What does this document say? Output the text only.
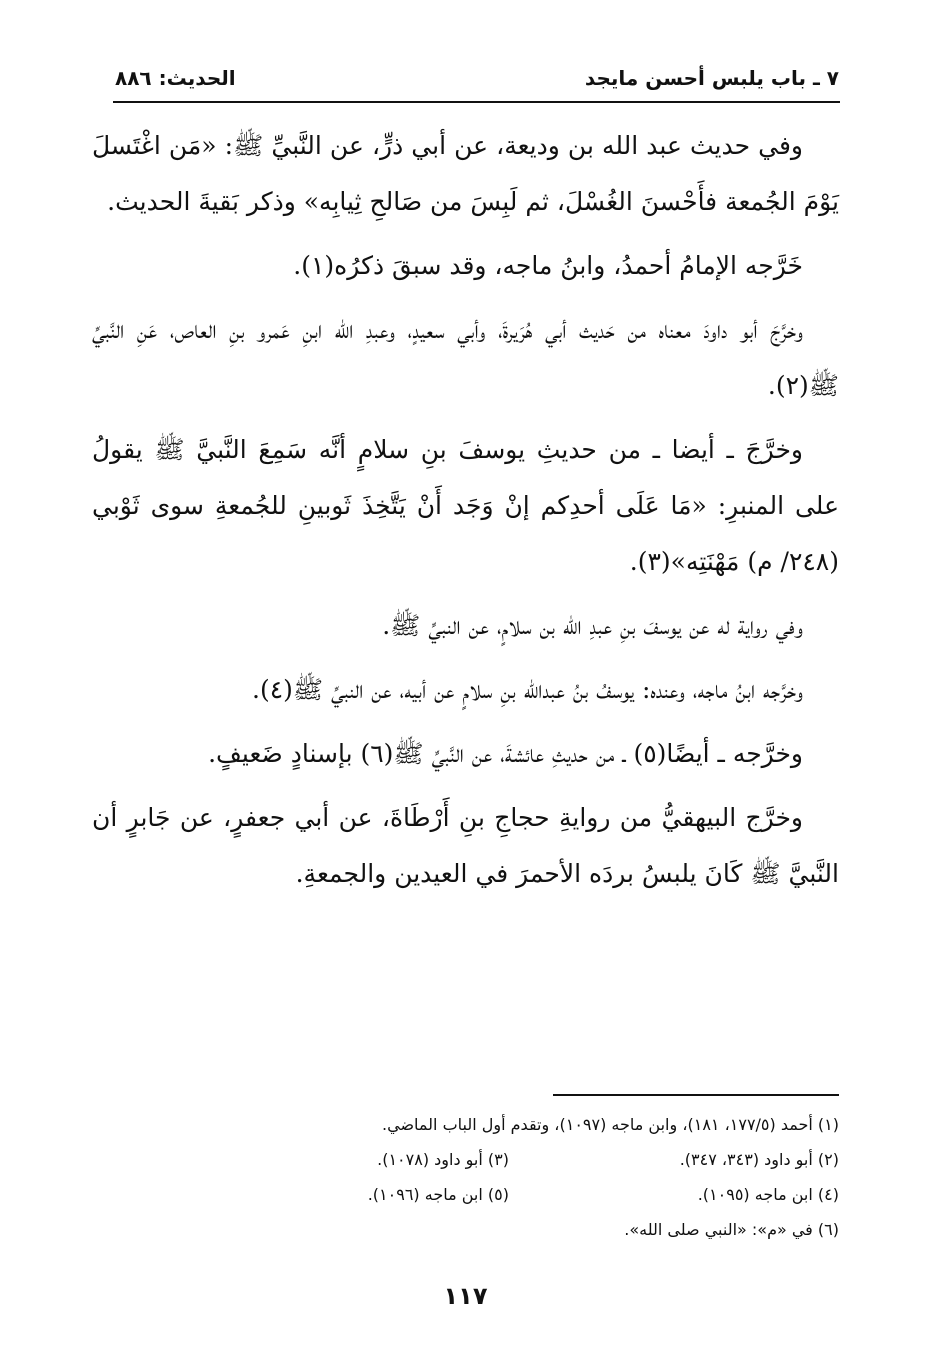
٧ ـ باب يلبس أحسن مايجد
الحديث: ٨٨٦

وفي حديث عبد الله بن وديعة، عن أبي ذرٍّ، عن النَّبيِّ ﷺ: «مَن اغْتَسلَ يَوْمَ الجُمعة فأَحْسنَ الغُسْلَ، ثم لَبِسَ من صَالحِ ثِيابِه» وذكر بَقيةَ الحديث.

خَرَّجه الإمامُ أحمدُ، وابنُ ماجه، وقد سبقَ ذكرُه(١).

وخرَّجَ أبو داودَ معناه من حَديث أبي هُرَيرةَ، وأبي سعيدٍ، وعبدِ الله ابنِ عَمرو بنِ العاص، عَنِ النَّبيِّ ﷺ(٢).

وخرَّجَ ـ أيضا ـ من حديثِ يوسفَ بنِ سلامٍ أنَّه سَمِعَ النَّبيَّ ﷺ يقولُ على المنبرِ: «مَا عَلَى أحدِكم إنْ وَجَد أَنْ يَتَّخِذَ ثَوبينِ للجُمعةِ سوى ثَوْبي (٢٤٨/ م) مَهْنَتِه»(٣).

وفي رواية له عن يوسفَ بنِ عبدِ الله بن سلامٍ، عن النبيِّ ﷺ.

وخرَّجه ابنُ ماجه، وعنده: يوسفُ بنُ عبدالله بنِ سلامٍ عن أبيه، عن النبيِّ ﷺ(٤).

وخرَّجه ـ أيضًا(٥) ـ من حديثِ عائشةَ، عن النَّبيِّ ﷺ(٦) بإسنادٍ ضَعيفٍ.

وخرَّج البيهقيُّ من روايةِ حجاجِ بنِ أَرْطَاةَ، عن أبي جعفرٍ، عن جَابرٍ أن النَّبيَّ ﷺ كَانَ يلبسُ بردَه الأحمرَ في العيدين والجمعةِ.

(١) أحمد (١٧٧/٥، ١٨١)، وابن ماجه (١٠٩٧)، وتقدم أول الباب الماضي.
(٢) أبو داود (٣٤٣، ٣٤٧).
(٣) أبو داود (١٠٧٨).
(٤) ابن ماجه (١٠٩٥).
(٥) ابن ماجه (١٠٩٦).
(٦) في «م»: «النبي صلى الله».
١١٧
